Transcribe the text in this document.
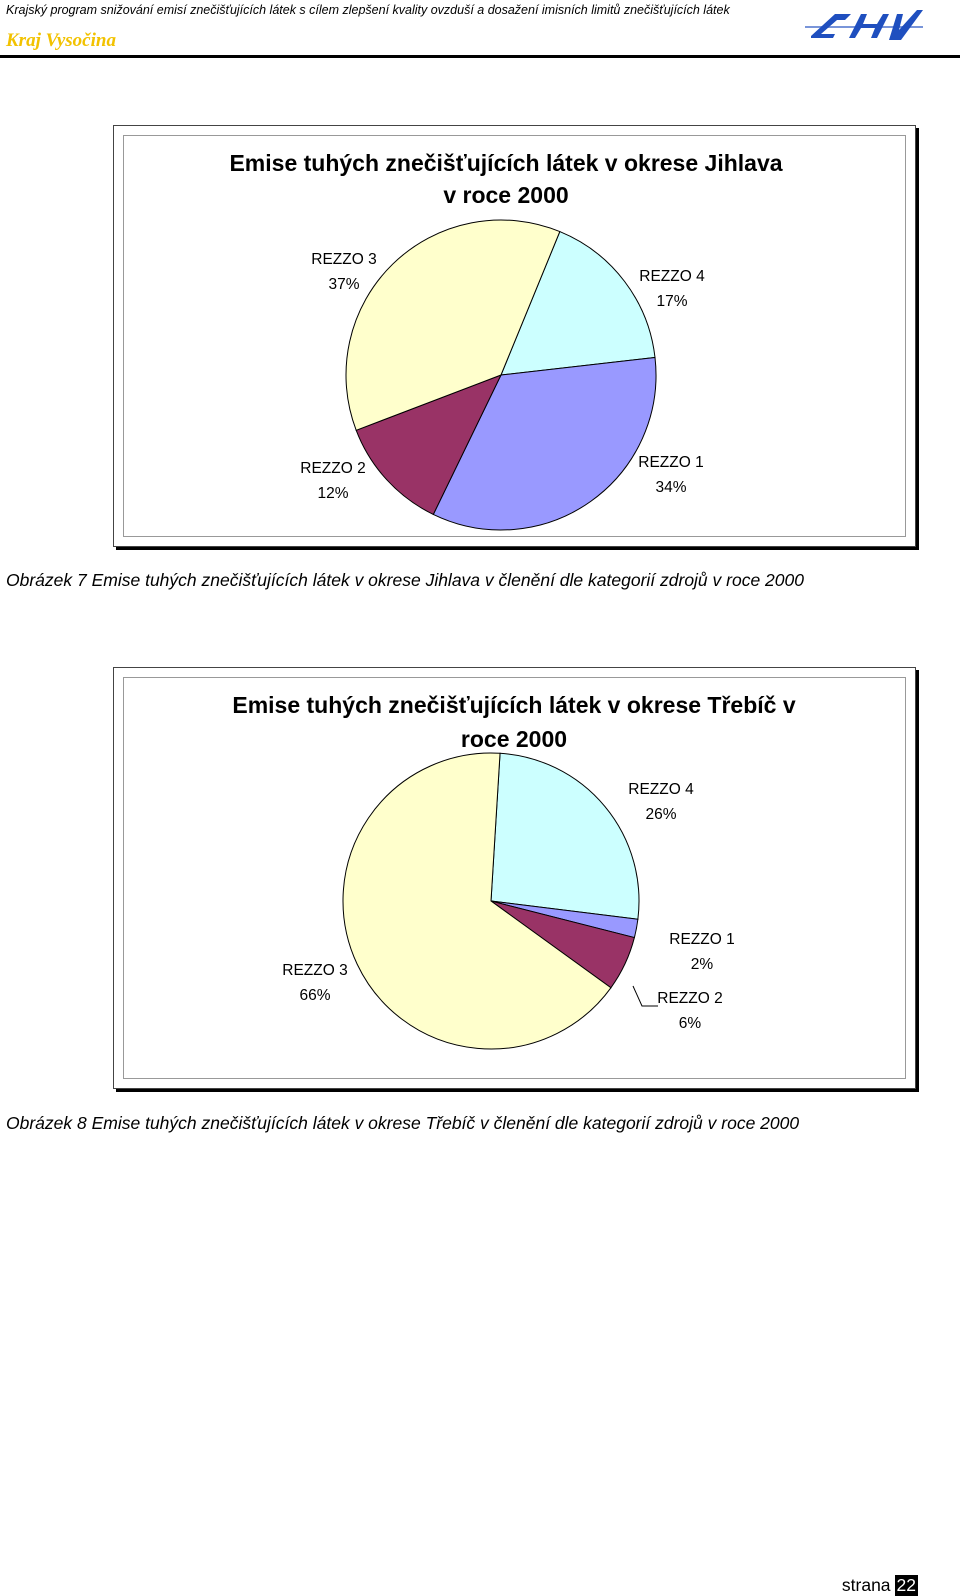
Krajský program snižování emisí znečišťujících látek s cílem zlepšení kvality ovzduší a dosažení imisních limitů znečišťujících látek
Kraj Vysočina
Emise tuhých znečišťujících látek v okrese Jihlava
v roce 2000
REZZO 3
37%	REZZO 4
17%
REZZO 2
12%
REZZO 1
34%
Obrázek 7 Emise tuhých znečišťujících látek v okrese Jihlava v členění dle kategorií zdrojů v roce 2000
Emise tuhých znečišťujících látek v okrese Třebíč v
roce 2000
REZZO 4
26%
REZZO 1
2%
REZZO 2
6%
REZZO 3
66%
Obrázek 8 Emise tuhých znečišťujících látek v okrese Třebíč v členění dle kategorií zdrojů v roce 2000
strana 22
